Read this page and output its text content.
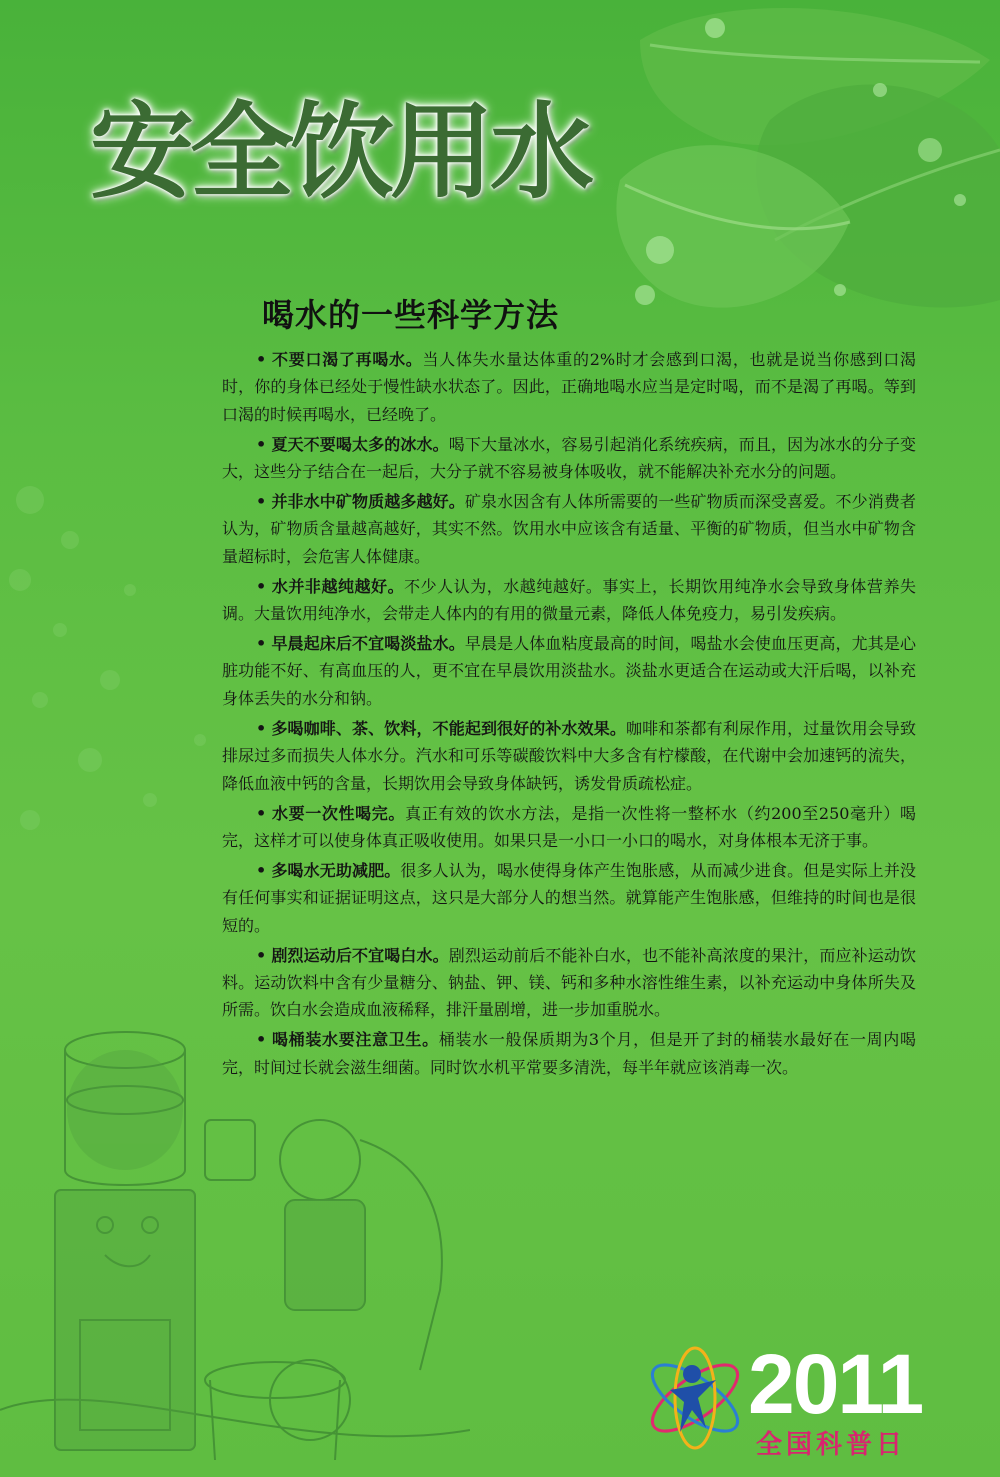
安全饮用水
喝水的一些科学方法

• 不要口渴了再喝水。当人体失水量达体重的2%时才会感到口渴，也就是说当你感到口渴时，你的身体已经处于慢性缺水状态了。因此，正确地喝水应当是定时喝，而不是渴了再喝。等到口渴的时候再喝水，已经晚了。

• 夏天不要喝太多的冰水。喝下大量冰水，容易引起消化系统疾病，而且，因为冰水的分子变大，这些分子结合在一起后，大分子就不容易被身体吸收，就不能解决补充水分的问题。

• 并非水中矿物质越多越好。矿泉水因含有人体所需要的一些矿物质而深受喜爱。不少消费者认为，矿物质含量越高越好，其实不然。饮用水中应该含有适量、平衡的矿物质，但当水中矿物含量超标时，会危害人体健康。

• 水并非越纯越好。不少人认为，水越纯越好。事实上，长期饮用纯净水会导致身体营养失调。大量饮用纯净水，会带走人体内的有用的微量元素，降低人体免疫力，易引发疾病。

• 早晨起床后不宜喝淡盐水。早晨是人体血粘度最高的时间，喝盐水会使血压更高，尤其是心脏功能不好、有高血压的人，更不宜在早晨饮用淡盐水。淡盐水更适合在运动或大汗后喝，以补充身体丢失的水分和钠。

• 多喝咖啡、茶、饮料，不能起到很好的补水效果。咖啡和茶都有利尿作用，过量饮用会导致排尿过多而损失人体水分。汽水和可乐等碳酸饮料中大多含有柠檬酸，在代谢中会加速钙的流失，降低血液中钙的含量，长期饮用会导致身体缺钙，诱发骨质疏松症。

• 水要一次性喝完。真正有效的饮水方法，是指一次性将一整杯水（约200至250毫升）喝完，这样才可以使身体真正吸收使用。如果只是一小口一小口的喝水，对身体根本无济于事。

• 多喝水无助减肥。很多人认为，喝水使得身体产生饱胀感，从而减少进食。但是实际上并没有任何事实和证据证明这点，这只是大部分人的想当然。就算能产生饱胀感，但维持的时间也是很短的。

• 剧烈运动后不宜喝白水。剧烈运动前后不能补白水，也不能补高浓度的果汁，而应补运动饮料。运动饮料中含有少量糖分、钠盐、钾、镁、钙和多种水溶性维生素，以补充运动中身体所失及所需。饮白水会造成血液稀释，排汗量剧增，进一步加重脱水。

• 喝桶装水要注意卫生。桶装水一般保质期为3个月，但是开了封的桶装水最好在一周内喝完，时间过长就会滋生细菌。同时饮水机平常要多清洗，每半年就应该消毒一次。

2011
全国科普日
